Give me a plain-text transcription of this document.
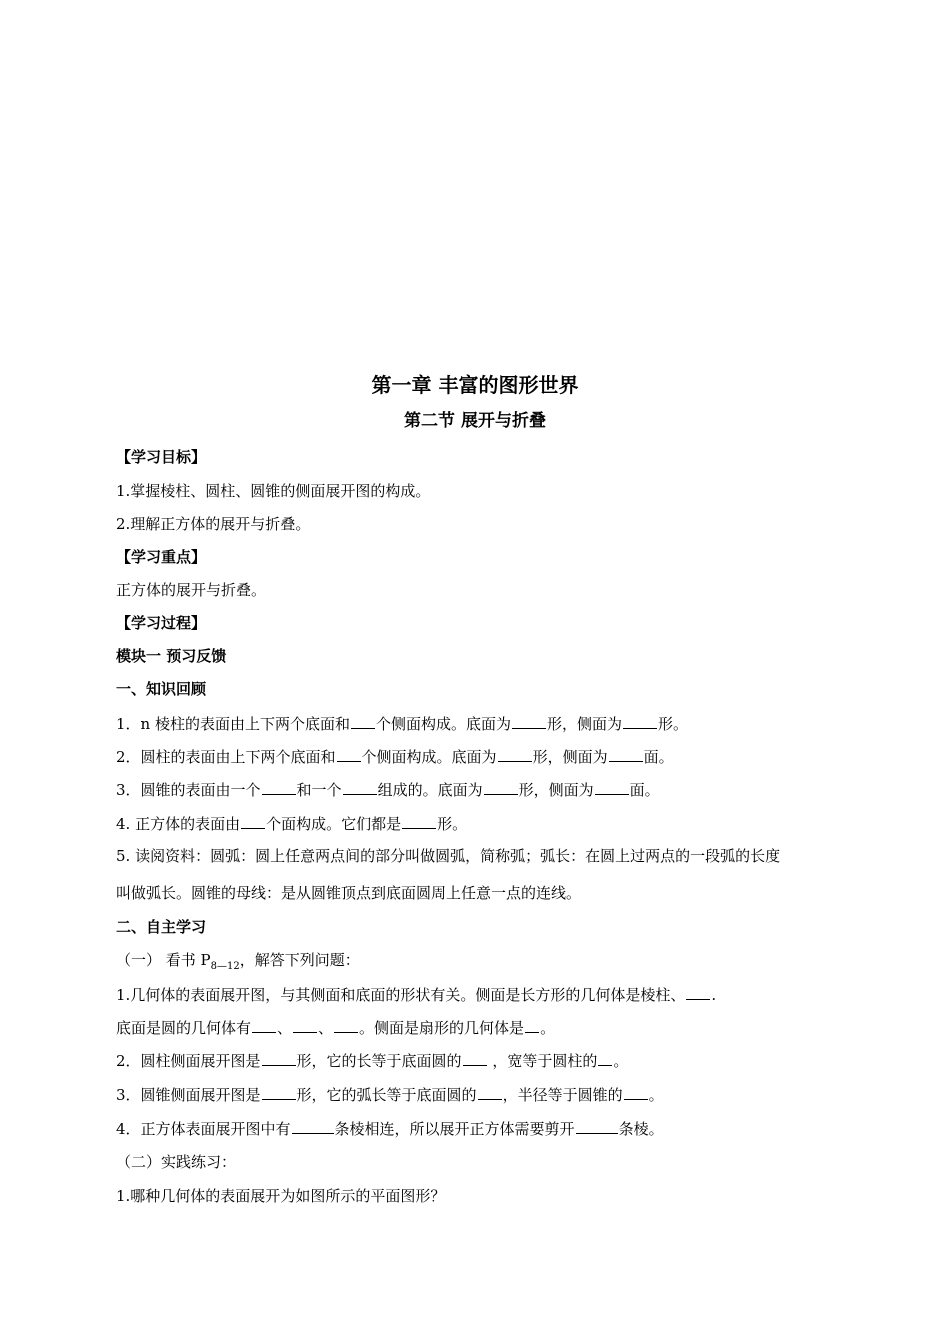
第一章 丰富的图形世界
第二节 展开与折叠
【学习目标】
1.掌握棱柱、圆柱、圆锥的侧面展开图的构成。
2.理解正方体的展开与折叠。
【学习重点】
正方体的展开与折叠。
【学习过程】
模块一 预习反馈
一、知识回顾
1．n 棱柱的表面由上下两个底面和 个侧面构成。底面为 形，侧面为 形。
2．圆柱的表面由上下两个底面和 个侧面构成。底面为 形，侧面为 面。
3．圆锥的表面由一个 和一个 组成的。底面为 形，侧面为 面。
4. 正方体的表面由 个面构成。它们都是 形。
5. 读阅资料：圆弧：圆上任意两点间的部分叫做圆弧，简称弧；弧长：在圆上过两点的一段弧的长度
叫做弧长。圆锥的母线：是从圆锥顶点到底面圆周上任意一点的连线。
二、自主学习
（一） 看书 $P_{8—12}$，解答下列问题：
1.几何体的表面展开图，与其侧面和底面的形状有关。侧面是长方形的几何体是棱柱、 .
底面是圆的几何体有 、 、 。侧面是扇形的几何体是 。
2．圆柱侧面展开图是 形，它的长等于底面圆的 ，宽等于圆柱的 。
3．圆锥侧面展开图是 形，它的弧长等于底面圆的 ，半径等于圆锥的 。
4．正方体表面展开图中有	条棱相连，所以展开正方体需要剪开	条棱。
（二）实践练习：
1.哪种几何体的表面展开为如图所示的平面图形？
